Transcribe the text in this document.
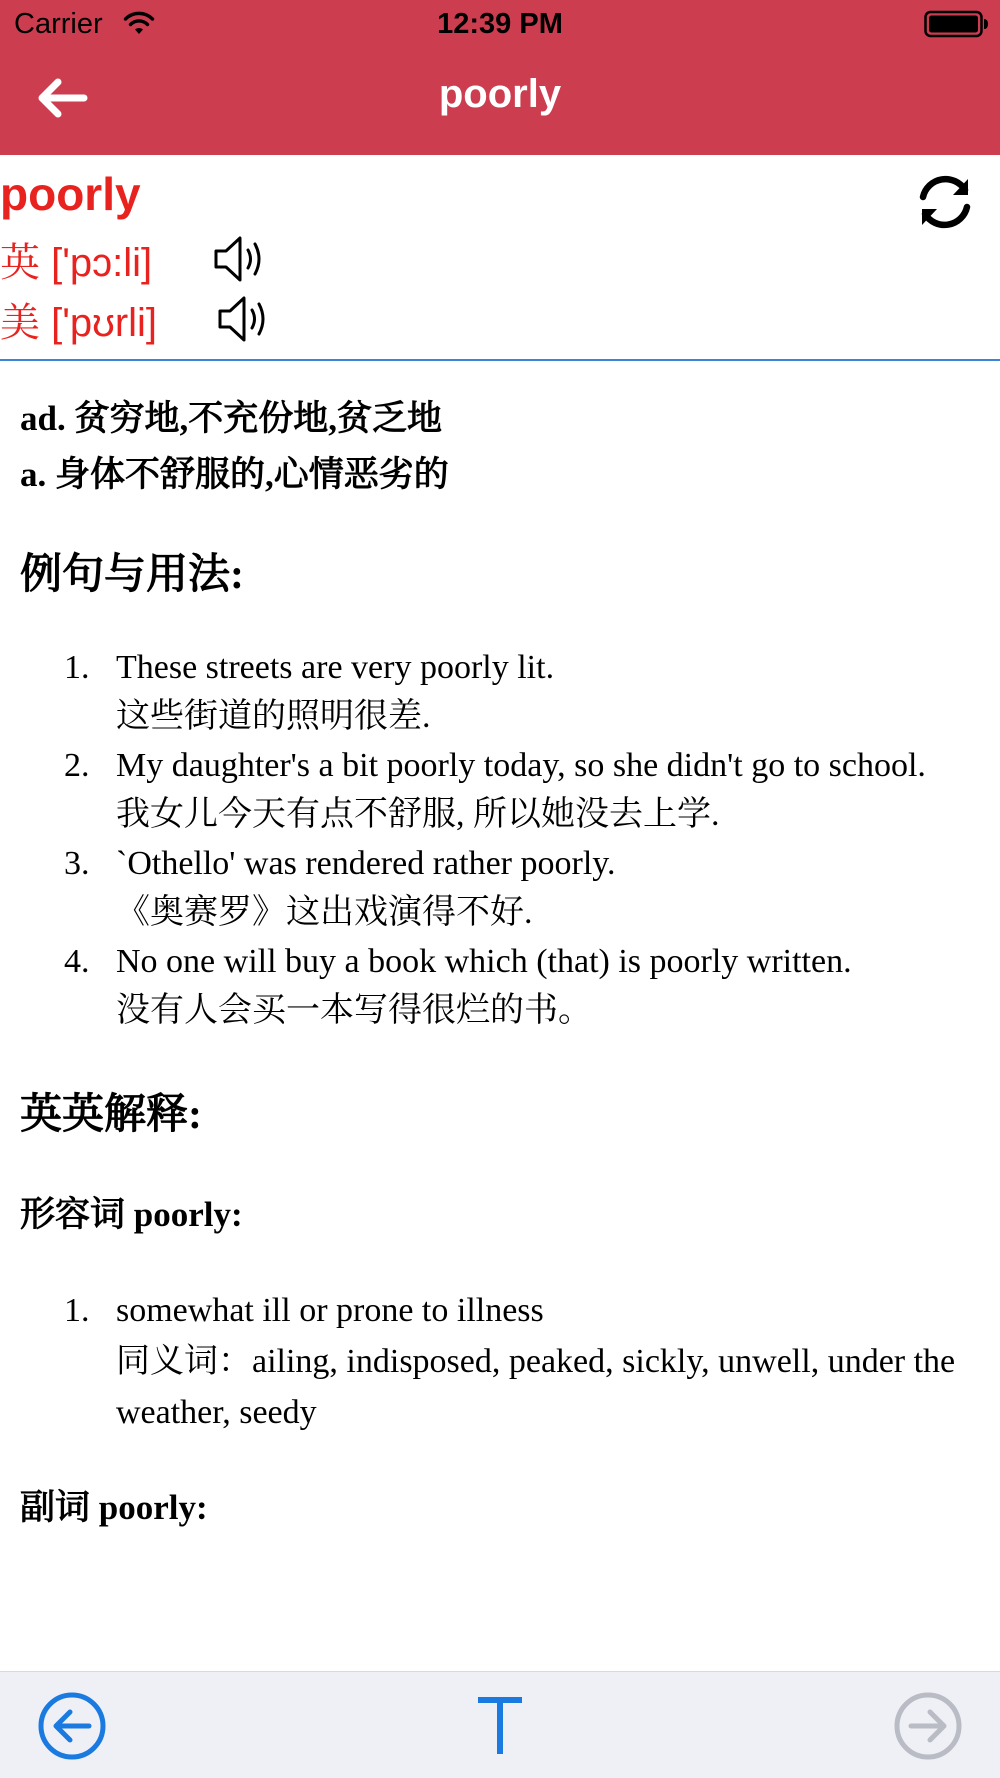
Carrier	12:39 PM
poorly
poorly
英 ['pɔ:li]
美 ['pʊrli]
ad. 贫穷地,不充份地,贫乏地
a. 身体不舒服的,心情恶劣的
例句与用法:
1. These streets are very poorly lit.
这些街道的照明很差.
2. My daughter's a bit poorly today, so she didn't go to school.
我女儿今天有点不舒服, 所以她没去上学.
3. `Othello' was rendered rather poorly.
《奥赛罗》这出戏演得不好.
4. No one will buy a book which (that) is poorly written.
没有人会买一本写得很烂的书。
英英解释:
形容词 poorly:
1. somewhat ill or prone to illness
同义词：ailing, indisposed, peaked, sickly, unwell, under the weather, seedy
副词 poorly:
